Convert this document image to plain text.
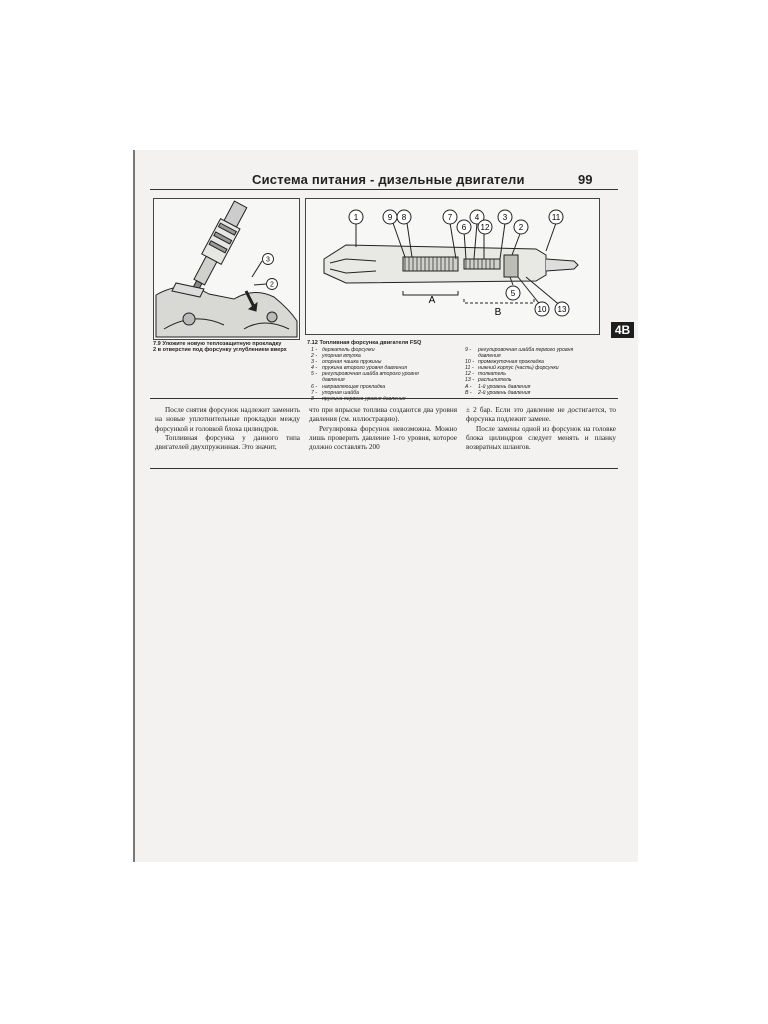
Система питания - дизельные двигатели	99
3
2
7.9 Уложите новую теплозащитную прокладку
2 в отверстие под форсунку углублением вверх
1	9 8	7
6
4
12
3
2
11
5
10 13
A
B
7.12 Топливная форсунка двигателя FSQ
1 - держатель форсунки
2 - упорная втулка
3 - опорная чашка пружины
4 - пружина второго уровня давления
5 - регулировочная шайба второго уровня давления
6 - направляющая прокладка
7 - упорная шайба
8 - пружина первого уровня давления
9 -	регулировочная шайба первого уровня давления
10 - промежуточная прокладка
11 - нижний корпус (часть) форсунки
12 - толкатель
13 - распылитель
A -	1-й уровень давления
B -	2-й уровень давления
4B

После снятия форсунок надлежит заменить на новые уплотнительные прокладки между форсункой и головкой блока цилиндров.

Топливная форсунка у данного типа двигателей двухпружинная. Это значит,

что при впрыске топлива создаются два уровня давления (см. иллюстрацию).

Регулировка форсунок невозможна. Можно лишь проверить давление 1-го уровня, которое должно составлять 200

± 2 бар. Если это давление не достигается, то форсунка подлежит замене.

После замены одной из форсунок на головке блока цилиндров следует менять и планку возвратных шлангов.
